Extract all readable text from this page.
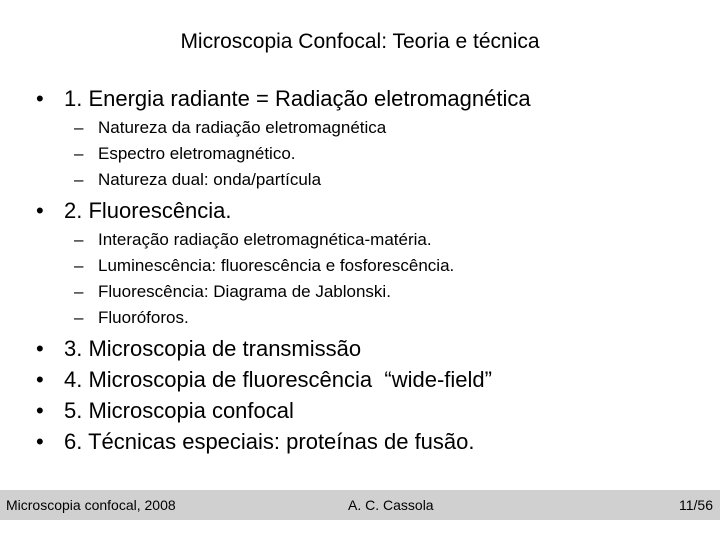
Microscopia Confocal: Teoria e técnica
• 1. Energia radiante = Radiação eletromagnética
– Natureza da radiação eletromagnética
– Espectro eletromagnético.
– Natureza dual: onda/partícula
• 2. Fluorescência.
– Interação radiação eletromagnética-matéria.
– Luminescência: fluorescência e fosforescência.
– Fluorescência: Diagrama de Jablonski.
– Fluoróforos.
• 3. Microscopia de transmissão
• 4. Microscopia de fluorescência  “wide-field”
• 5. Microscopia confocal
• 6. Técnicas especiais: proteínas de fusão.
Microscopia confocal, 2008	A. C. Cassola	11/56
